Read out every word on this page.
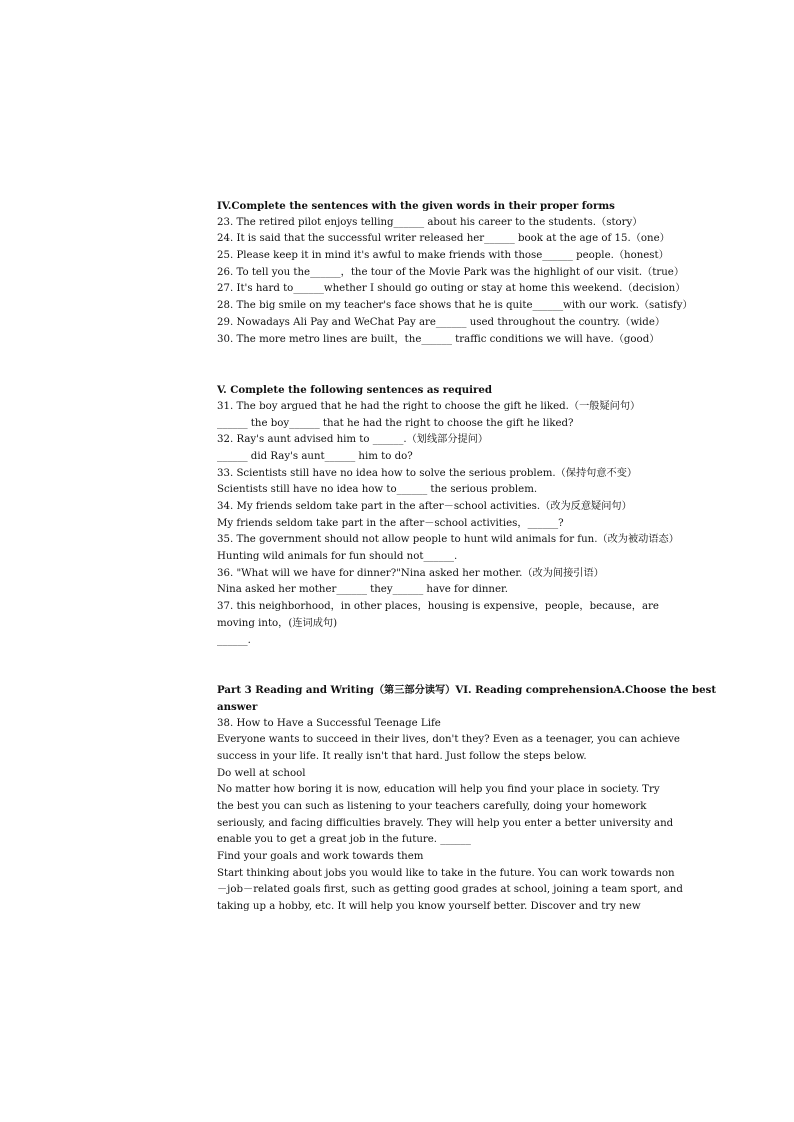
IV.Complete the sentences with the given words in their proper forms
23. The retired pilot enjoys telling______ about his career to the students.（story）
24. It is said that the successful writer released her______ book at the age of 15.（one）
25. Please keep it in mind it's awful to make friends with those______ people.（honest）
26. To tell you the______，the tour of the Movie Park was the highlight of our visit.（true）
27. It's hard to______whether I should go outing or stay at home this weekend.（decision）
28. The big smile on my teacher's face shows that he is quite______with our work.（satisfy）
29. Nowadays Ali Pay and WeChat Pay are______ used throughout the country.（wide）
30. The more metro lines are built，the______ traffic conditions we will have.（good）
V. Complete the following sentences as required
31. The boy argued that he had the right to choose the gift he liked.（一般疑问句）
______ the boy______ that he had the right to choose the gift he liked?
32. Ray's aunt advised him to ______.（划线部分提问）
______ did Ray's aunt______ him to do?
33. Scientists still have no idea how to solve the serious problem.（保持句意不变）
Scientists still have no idea how to______ the serious problem.
34. My friends seldom take part in the after－school activities.（改为反意疑问句）
My friends seldom take part in the after－school activities，______?
35. The government should not allow people to hunt wild animals for fun.（改为被动语态）
Hunting wild animals for fun should not______.
36. "What will we have for dinner?"Nina asked her mother.（改为间接引语）
Nina asked her mother______ they______ have for dinner.
37. this neighborhood，in other places，housing is expensive，people，because，are
moving into，(连词成句)
______.
Part 3 Reading and Writing（第三部分读写）VI. Reading comprehensionA.Choose the best
answer
38. How to Have a Successful Teenage Life
Everyone wants to succeed in their lives, don't they? Even as a teenager, you can achieve
success in your life. It really isn't that hard. Just follow the steps below.
Do well at school
No matter how boring it is now, education will help you find your place in society. Try
the best you can such as listening to your teachers carefully, doing your homework
seriously, and facing difficulties bravely. They will help you enter a better university and
enable you to get a great job in the future. ______
Find your goals and work towards them
Start thinking about jobs you would like to take in the future. You can work towards non
－job－related goals first, such as getting good grades at school, joining a team sport, and
taking up a hobby, etc. It will help you know yourself better. Discover and try new
